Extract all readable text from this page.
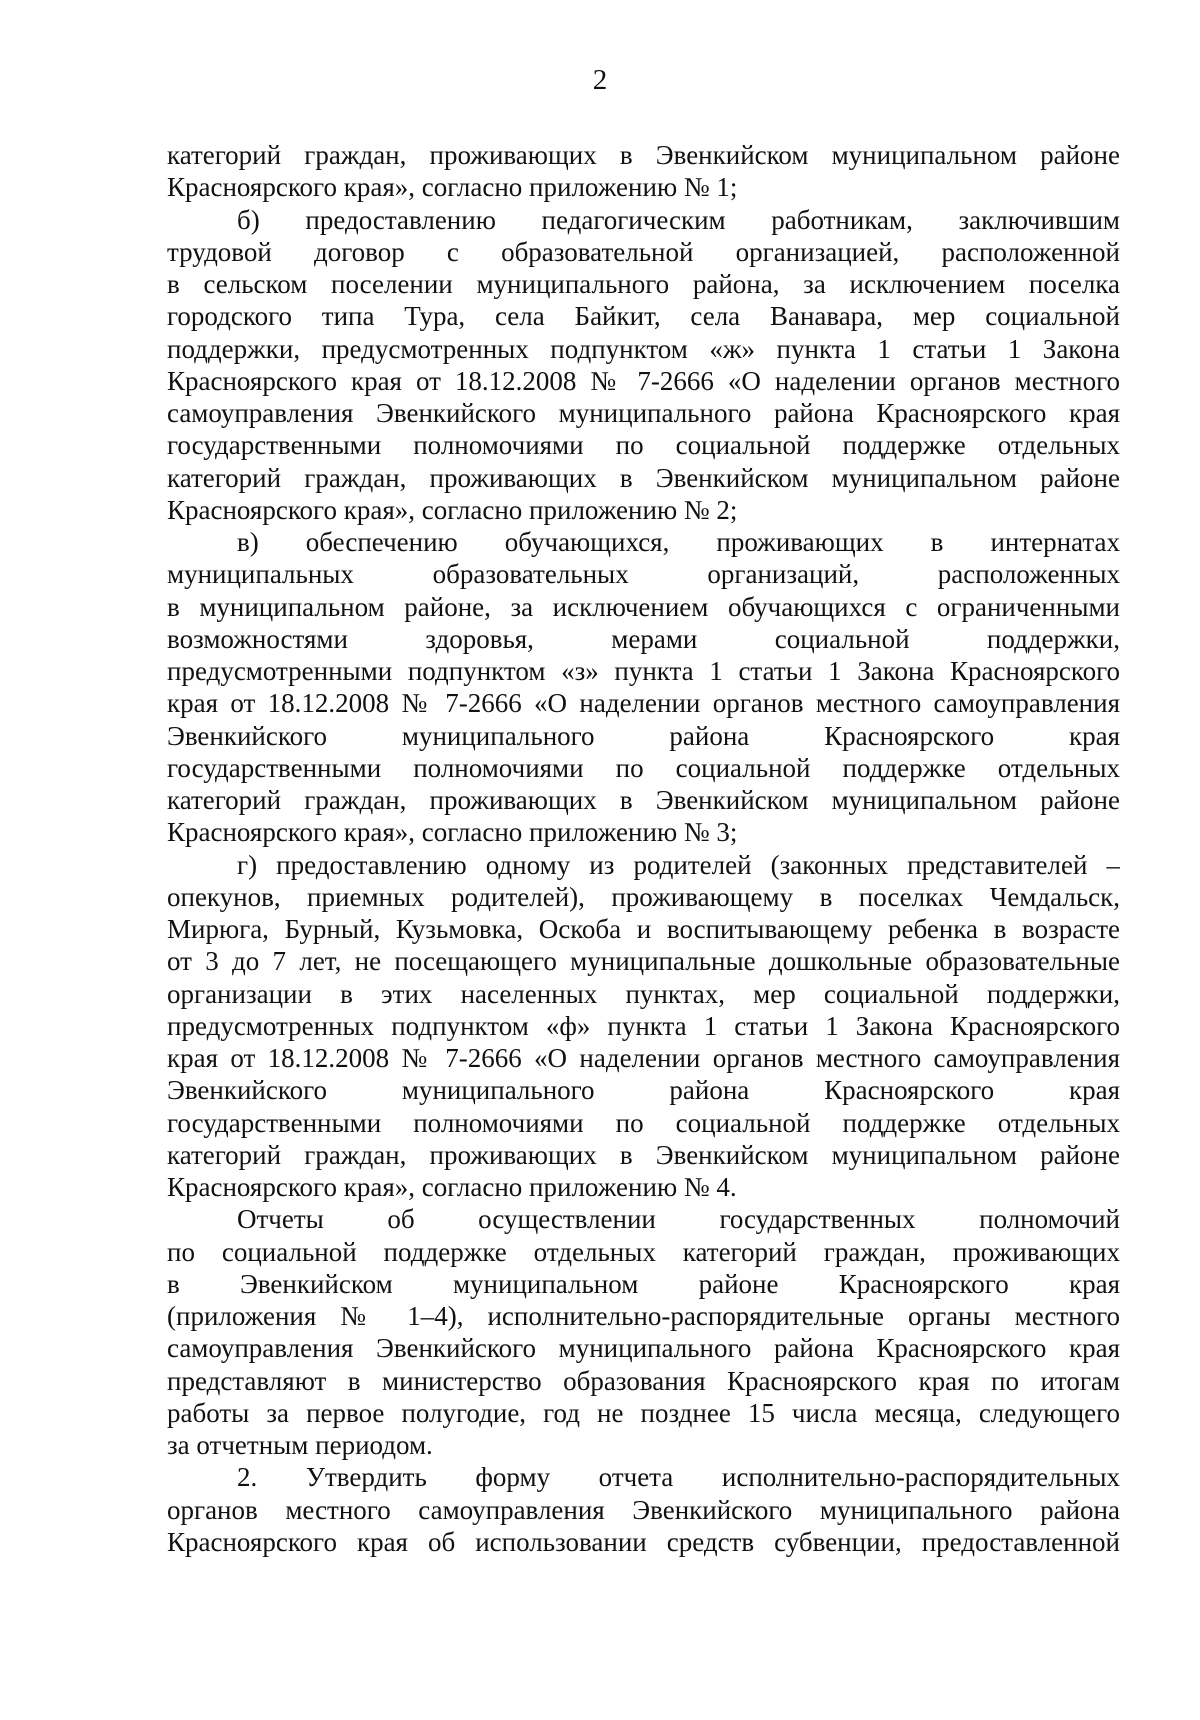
2
категорий граждан, проживающих в Эвенкийском муниципальном районе
Красноярского края», согласно приложению № 1;
б) предоставлению педагогическим работникам, заключившим
трудовой договор с образовательной организацией, расположенной
в сельском поселении муниципального района, за исключением поселка
городского типа Тура, села Байкит, села Ванавара, мер социальной
поддержки, предусмотренных подпунктом «ж» пункта 1 статьи 1 Закона
Красноярского края от 18.12.2008 № 7-2666 «О наделении органов местного
самоуправления Эвенкийского муниципального района Красноярского края
государственными полномочиями по социальной поддержке отдельных
категорий граждан, проживающих в Эвенкийском муниципальном районе
Красноярского края», согласно приложению № 2;
в) обеспечению обучающихся, проживающих в интернатах
муниципальных образовательных организаций, расположенных
в муниципальном районе, за исключением обучающихся с ограниченными
возможностями здоровья, мерами социальной поддержки,
предусмотренными подпунктом «з» пункта 1 статьи 1 Закона Красноярского
края от 18.12.2008 № 7-2666 «О наделении органов местного самоуправления
Эвенкийского муниципального района Красноярского края
государственными полномочиями по социальной поддержке отдельных
категорий граждан, проживающих в Эвенкийском муниципальном районе
Красноярского края», согласно приложению № 3;
г) предоставлению одному из родителей (законных представителей –
опекунов, приемных родителей), проживающему в поселках Чемдальск,
Мирюга, Бурный, Кузьмовка, Оскоба и воспитывающему ребенка в возрасте
от 3 до 7 лет, не посещающего муниципальные дошкольные образовательные
организации в этих населенных пунктах, мер социальной поддержки,
предусмотренных подпунктом «ф» пункта 1 статьи 1 Закона Красноярского
края от 18.12.2008 № 7-2666 «О наделении органов местного самоуправления
Эвенкийского муниципального района Красноярского края
государственными полномочиями по социальной поддержке отдельных
категорий граждан, проживающих в Эвенкийском муниципальном районе
Красноярского края», согласно приложению № 4.
Отчеты об осуществлении государственных полномочий
по социальной поддержке отдельных категорий граждан, проживающих
в Эвенкийском муниципальном районе Красноярского края
(приложения № 1–4), исполнительно-распорядительные органы местного
самоуправления Эвенкийского муниципального района Красноярского края
представляют в министерство образования Красноярского края по итогам
работы за первое полугодие, год не позднее 15 числа месяца, следующего
за отчетным периодом.
2. Утвердить форму отчета исполнительно-распорядительных
органов местного самоуправления Эвенкийского муниципального района
Красноярского края об использовании средств субвенции, предоставленной
